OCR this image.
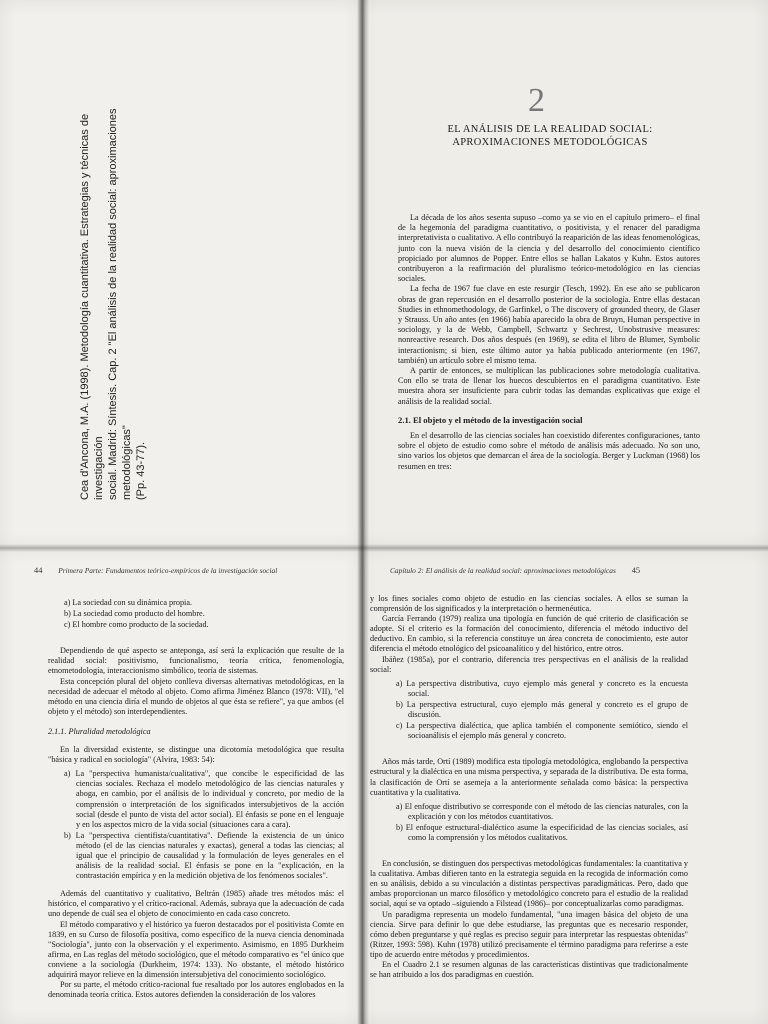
Cea d'Ancona, M.A. (1998). Metodología cuantitativa. Estrategias y técnicas de investigación social. Madrid: Síntesis. Cap. 2 "El análisis de la realidad social: aproximaciones metodológicas" (Pp. 43-77).
2
EL ANÁLISIS DE LA REALIDAD SOCIAL:
APROXIMACIONES METODOLÓGICAS

La década de los años sesenta supuso –como ya se vio en el capítulo primero– el final de la hegemonía del paradigma cuantitativo, o positivista, y el renacer del paradigma interpretativista o cualitativo. A ello contribuyó la reaparición de las ideas fenomenológicas, junto con la nueva visión de la ciencia y del desarrollo del conocimiento científico propiciado por alumnos de Popper. Entre ellos se hallan Lakatos y Kuhn. Estos autores contribuyeron a la reafirmación del pluralismo teórico-metodológico en las ciencias sociales.

La fecha de 1967 fue clave en este resurgir (Tesch, 1992). En ese año se publicaron obras de gran repercusión en el desarrollo posterior de la sociología. Entre ellas destacan Studies in ethnomethodology, de Garfinkel, o The discovery of grounded theory, de Glaser y Strauss. Un año antes (en 1966) había aparecido la obra de Bruyn, Human perspective in sociology, y la de Webb, Campbell, Schwartz y Sechrest, Unobstrusive measures: nonreactive research. Dos años después (en 1969), se edita el libro de Blumer, Symbolic interactionism; si bien, este último autor ya había publicado anteriormente (en 1967, también) un artículo sobre el mismo tema.

A partir de entonces, se multiplican las publicaciones sobre metodología cualitativa. Con ello se trata de llenar los huecos descubiertos en el paradigma cuantitativo. Este muestra ahora ser insuficiente para cubrir todas las demandas explicativas que exige el análisis de la realidad social.

2.1. El objeto y el método de la investigación social

En el desarrollo de las ciencias sociales han coexistido diferentes configuraciones, tanto sobre el objeto de estudio como sobre el método de análisis más adecuado. No son uno, sino varios los objetos que demarcan el área de la sociología. Berger y Luckman (1968) los resumen en tres:

44 Primera Parte: Fundamentos teórico-empíricos de la investigación social
a) La sociedad con su dinámica propia.
b) La sociedad como producto del hombre.
c) El hombre como producto de la sociedad.

Dependiendo de qué aspecto se anteponga, así será la explicación que resulte de la realidad social: positivismo, funcionalismo, teoría crítica, fenomenología, etnometodología, interaccionismo simbólico, teoría de sistemas.

Esta concepción plural del objeto conlleva diversas alternativas metodológicas, en la necesidad de adecuar el método al objeto. Como afirma Jiménez Blanco (1978: VII), "el método en una ciencia diría el mundo de objetos al que ésta se refiere", ya que ambos (el objeto y el método) son interdependientes.

2.1.1. Pluralidad metodológica

En la diversidad existente, se distingue una dicotomía metodológica que resulta "básica y radical en sociología" (Alvira, 1983: 54):

a) La "perspectiva humanista/cualitativa", que concibe le especificidad de las ciencias sociales. Rechaza el modelo metodológico de las ciencias naturales y aboga, en cambio, por el análisis de lo individual y concreto, por medio de la comprensión o interpretación de los significados intersubjetivos de la acción social (desde el punto de vista del actor social). El énfasis se pone en el lenguaje y en los aspectos micro de la vida social (situaciones cara a cara).
b) La "perspectiva cientifista/cuantitativa". Defiende la existencia de un único método (el de las ciencias naturales y exactas), general a todas las ciencias; al igual que el principio de causalidad y la formulación de leyes generales en el análisis de la realidad social. El énfasis se pone en la "explicación, en la contrastación empírica y en la medición objetiva de los fenómenos sociales".

Además del cuantitativo y cualitativo, Beltrán (1985) añade tres métodos más: el histórico, el comparativo y el crítico-racional. Además, subraya que la adecuación de cada uno depende de cuál sea el objeto de conocimiento en cada caso concreto.

El método comparativo y el histórico ya fueron destacados por el positivista Comte en 1839, en su Curso de filosofía positiva, como específico de la nueva ciencia denominada "Sociología", junto con la observación y el experimento. Asimismo, en 1895 Durkheim afirma, en Las reglas del método sociológico, que el método comparativo es "el único que conviene a la sociología (Durkheim, 1974: 133). No obstante, el método histórico adquirirá mayor relieve en la dimensión intersubjetiva del conocimiento sociológico.

Por su parte, el método crítico-racional fue resaltado por los autores englobados en la denominada teoría crítica. Estos autores defienden la consideración de los valores

Capítulo 2: El análisis de la realidad social: aproximaciones metodológicas 45

y los fines sociales como objeto de estudio en las ciencias sociales. A ellos se suman la comprensión de los significados y la interpretación o hermenéutica.

García Ferrando (1979) realiza una tipología en función de qué criterio de clasificación se adopte. Si el criterio es la formación del conocimiento, diferencia el método inductivo del deductivo. En cambio, si la referencia constituye un área concreta de conocimiento, este autor diferencia el método etnológico del psicoanalítico y del histórico, entre otros.

Ibáñez (1985a), por el contrario, diferencia tres perspectivas en el análisis de la realidad social:

a) La perspectiva distributiva, cuyo ejemplo más general y concreto es la encuesta social.
b) La perspectiva estructural, cuyo ejemplo más general y concreto es el grupo de discusión.
c) La perspectiva dialéctica, que aplica también el componente semiótico, siendo el socioanálisis el ejemplo más general y concreto.

Años más tarde, Ortí (1989) modifica esta tipología metodológica, englobando la perspectiva estructural y la dialéctica en una misma perspectiva, y separada de la distributiva. De esta forma, la clasificación de Ortí se asemeja a la anteriormente señalada como básica: la perspectiva cuantitativa y la cualitativa.

a) El enfoque distributivo se corresponde con el método de las ciencias naturales, con la explicación y con los métodos cuantitativos.
b) El enfoque estructural-dialéctico asume la especificidad de las ciencias sociales, así como la comprensión y los métodos cualitativos.

En conclusión, se distinguen dos perspectivas metodológicas fundamentales: la cuantitativa y la cualitativa. Ambas difieren tanto en la estrategia seguida en la recogida de información como en su análisis, debido a su vinculación a distintas perspectivas paradigmáticas. Pero, dado que ambas proporcionan un marco filosófico y metodológico concreto para el estudio de la realidad social, aquí se va optado –siguiendo a Filstead (1986)– por conceptualizarlas como paradigmas.

Un paradigma representa un modelo fundamental, "una imagen básica del objeto de una ciencia. Sirve para definir lo que debe estudiarse, las preguntas que es necesario responder, cómo deben preguntarse y qué reglas es preciso seguir para interpretar las respuestas obtenidas" (Ritzer, 1993: 598). Kuhn (1978) utilizó precisamente el término paradigma para referirse a este tipo de acuerdo entre métodos y procedimientos.

En el Cuadro 2.1 se resumen algunas de las características distintivas que tradicionalmente se han atribuido a los dos paradigmas en cuestión.
